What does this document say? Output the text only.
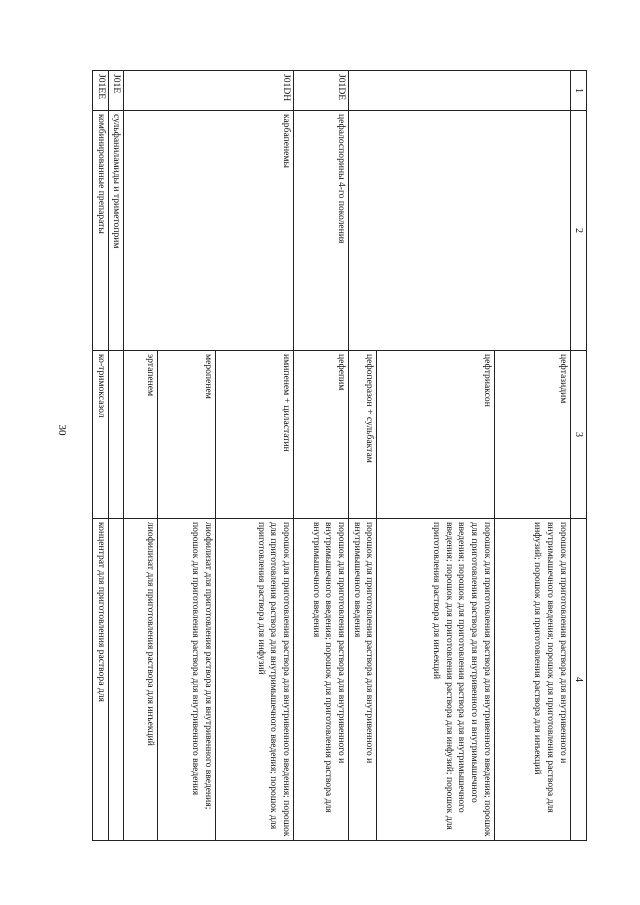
30
1	2	3	4
		цефтазидим	порошок для приготовления раствора для внутривенного и внутримышечного введения; порошок для приготовления раствора для инфузий; порошок для приготовления раствора для инъекций
		цефтриаксон	порошок для приготовления раствора для внутривенного введения; порошок для приготовления раствора для внутривенного и внутримышечного введения; порошок для приготовления раствора для внутримышечного введения; порошок для приготовления раствора для инфузий; порошок для приготовления раствора для инъекций
		цефоперазон + сульбактам	порошок для приготовления раствора для внутривенного и внутримышечного введения
J01DE	цефалоспорины 4-го поколения	цефепим	порошок для приготовления раствора для внутривенного и внутримышечного введения; порошок для приготовления раствора для внутримышечного введения
J01DH	карбапенемы	имипенем + циластатин	порошок для приготовления раствора для внутривенного введения; порошок для приготовления раствора для внутримышечного введения; порошок для приготовления раствора для инфузий
		меропенем	лиофилизат для приготовления раствора для внутривенного введения; порошок для приготовления раствора для внутривенного введения
		эртапенем	лиофилизат для приготовления раствора для инъекций
J01E	сульфаниламиды и триметоприм		
J01EE	комбинированные препараты	ко-тримоксазол	концентрат для приготовления раствора для
